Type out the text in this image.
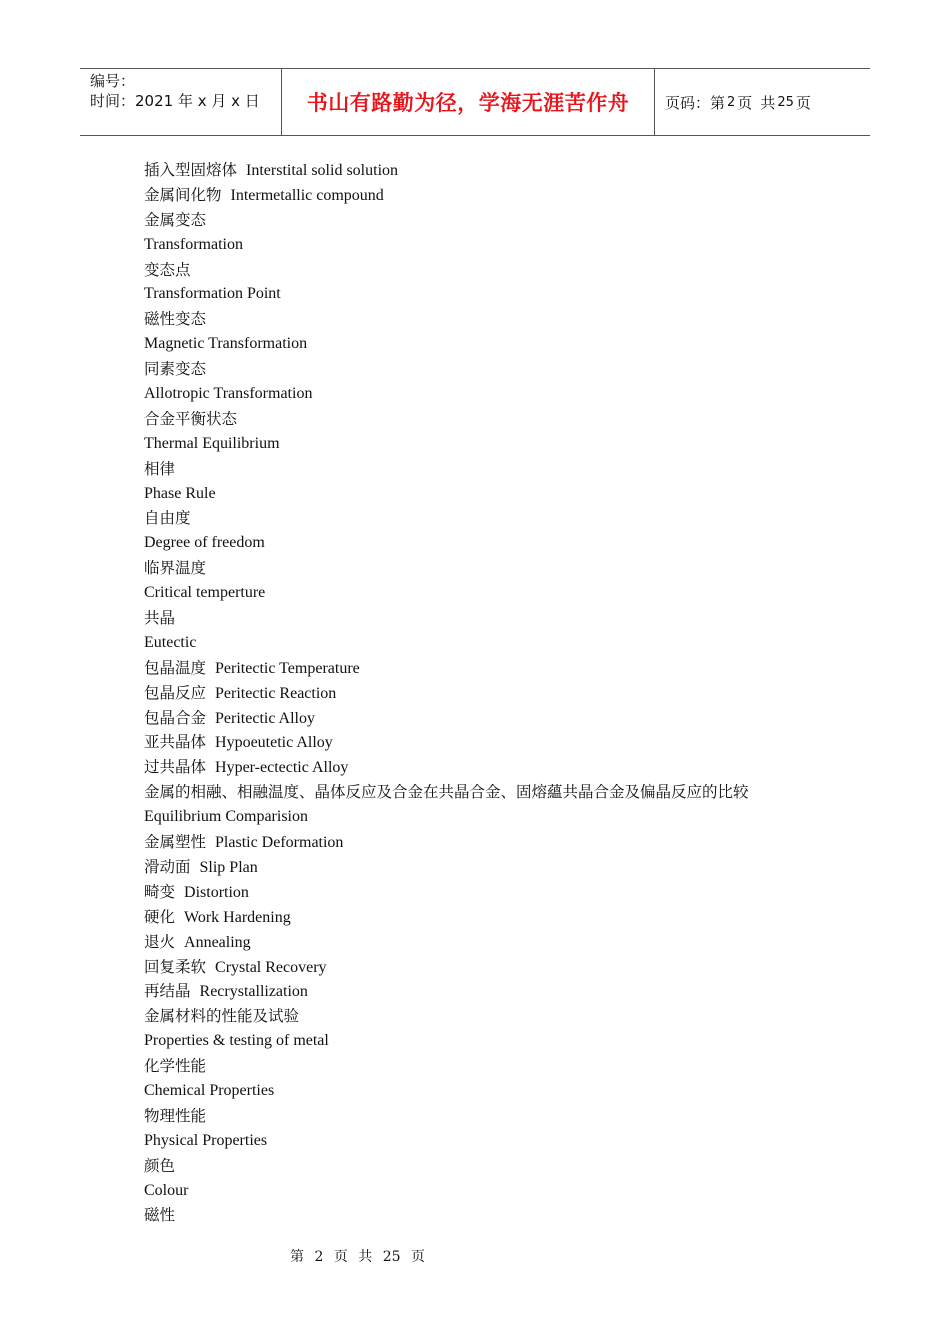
编号：
时间：2021 年 x 月 x 日	书山有路勤为径，学海无涯苦作舟	页码：第 2 页 共 25 页
插入型固熔体 Interstital solid solution
金属间化物 Intermetallic compound
金属变态
Transformation
变态点
Transformation Point
磁性变态
Magnetic Transformation
同素变态
Allotropic Transformation
合金平衡状态
Thermal Equilibrium
相律
Phase Rule
自由度
Degree of freedom
临界温度
Critical temperture
共晶
Eutectic
包晶温度 Peritectic Temperature
包晶反应 Peritectic Reaction
包晶合金 Peritectic Alloy
亚共晶体 Hypoeutetic Alloy
过共晶体 Hyper-ectectic Alloy
金属的相融、相融温度、晶体反应及合金在共晶合金、固熔蘊共晶合金及偏晶反应的比较
Equilibrium Comparision
金属塑性 Plastic Deformation
滑动面 Slip Plan
畸变 Distortion
硬化 Work Hardening
退火 Annealing
回复柔软 Crystal Recovery
再结晶 Recrystallization
金属材料的性能及试验
Properties & testing of metal
化学性能
Chemical Properties
物理性能
Physical Properties
颜色
Colour
磁性
第 2 页 共 25 页
